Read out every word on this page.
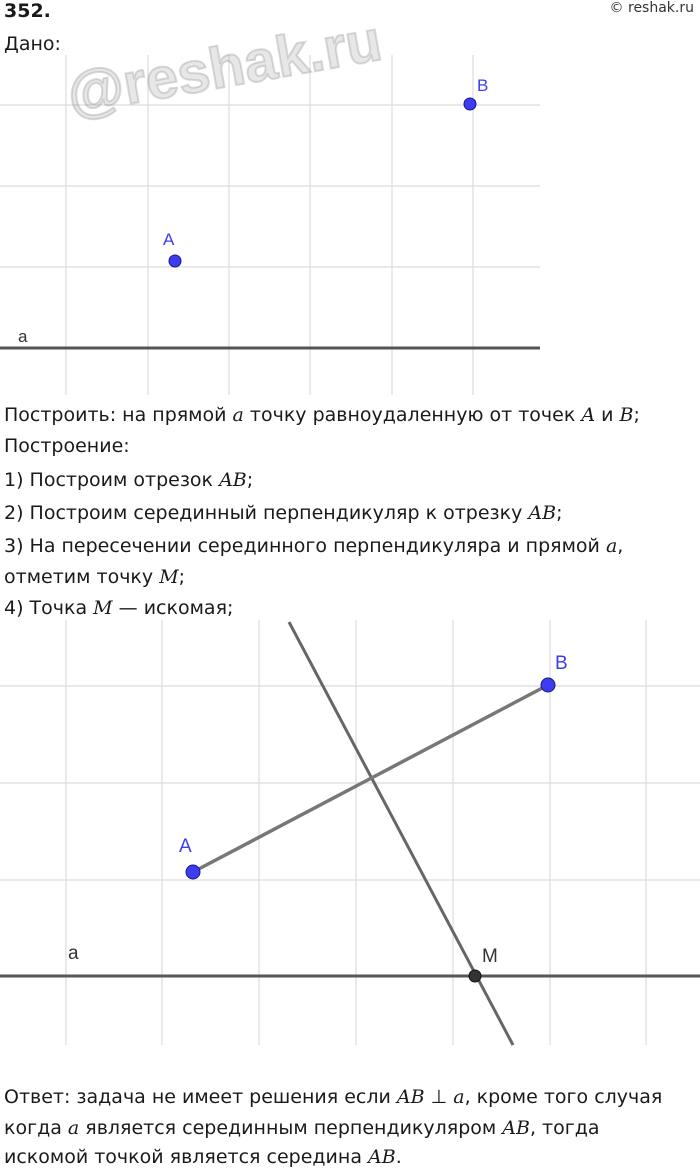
352.	© reshak.ru
Дано:
a
A
B
@reshak.ru
Построить: на прямой a точку равноудаленную от точек A и B;
Построение:
1) Построим отрезок AB;
2) Построим серединный перпендикуляр к отрезку AB;
3) На пересечении серединного перпендикуляра и прямой a,
отметим точку M;
4) Точка M — искомая;
a
A
B
M
Ответ: задача не имеет решения если AB ⊥ a, кроме того случая
когда a является серединным перпендикуляром AB, тогда
искомой точкой является середина AB.
